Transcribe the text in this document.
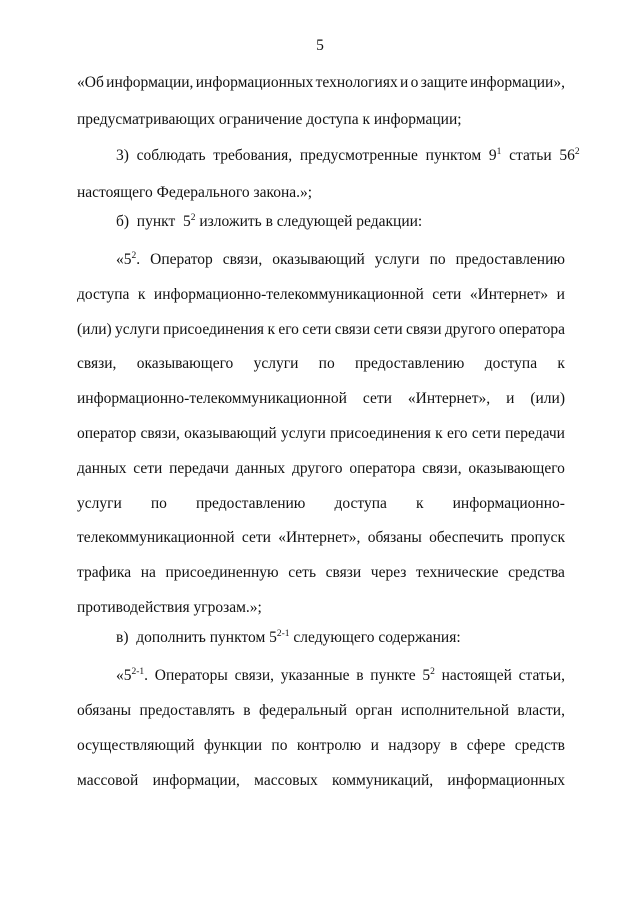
5
«Об информации, информационных технологиях и о защите информации»,
предусматривающих ограничение доступа к информации;
3)  соблюдать  требования,  предусмотренные  пунктом  $9^1$  статьи  $56^2$
настоящего Федерального закона.»;
б)  пункт  $5^2$ изложить в следующей редакции:
«$5^2$. Оператор связи, оказывающий услуги по предоставлению
доступа к информационно-телекоммуникационной сети «Интернет» и
(или) услуги присоединения к его сети связи сети связи другого оператора
связи, оказывающего услуги по предоставлению доступа к
информационно-телекоммуникационной сети «Интернет», и (или)
оператор связи, оказывающий услуги присоединения к его сети передачи
данных сети передачи данных другого оператора связи, оказывающего
услуги по предоставлению доступа к информационно-
телекоммуникационной сети «Интернет», обязаны обеспечить пропуск
трафика на присоединенную сеть связи через технические средства
противодействия угрозам.»;
в)  дополнить пунктом 5$^{2-1}$ следующего содержания:
«5$^{2-1}$. Операторы связи, указанные в пункте $5^2$ настоящей статьи,
обязаны предоставлять в федеральный орган исполнительной власти,
осуществляющий функции по контролю и надзору в сфере средств
массовой информации, массовых коммуникаций, информационных
